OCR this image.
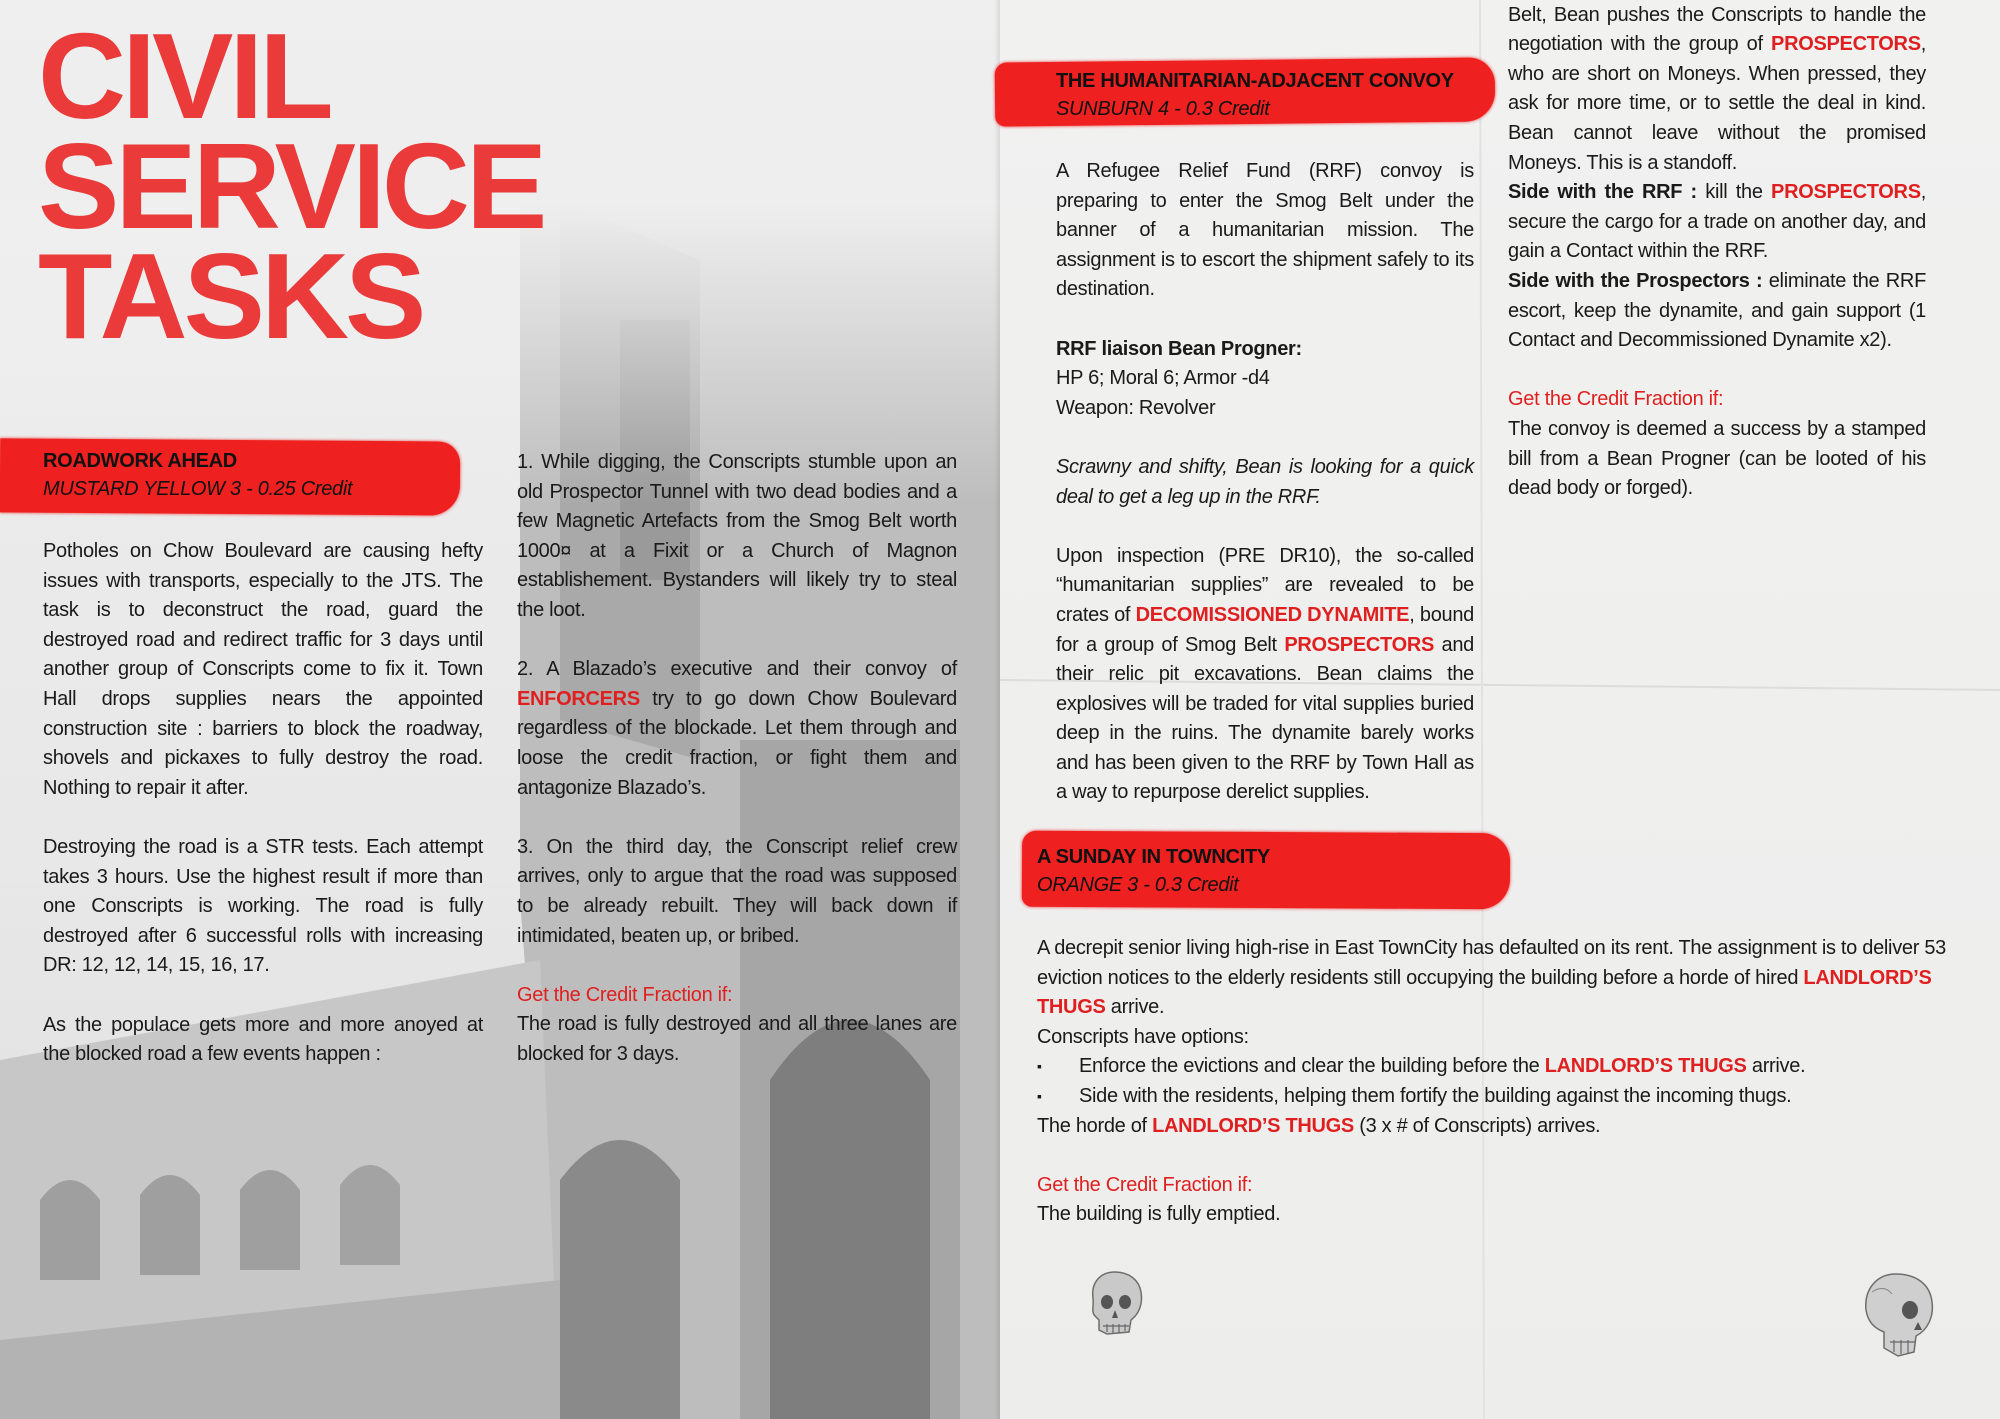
CIVIL
SERVICE
TASKS
ROADWORK AHEAD
MUSTARD YELLOW 3 - 0.25 Credit

Potholes on Chow Boulevard are causing hefty issues with transports, especially to the JTS. The task is to deconstruct the road, guard the destroyed road and redirect traffic for 3 days until another group of Conscripts come to fix it. Town Hall drops supplies nears the appointed construction site : barriers to block the roadway, shovels and pickaxes to fully destroy the road. Nothing to repair it after.

Destroying the road is a STR tests. Each attempt takes 3 hours. Use the highest result if more than one Conscripts is working. The road is fully destroyed after 6 successful rolls with increasing DR: 12, 12, 14, 15, 16, 17.

As the populace gets more and more anoyed at the blocked road a few events happen :

1. While digging, the Conscripts stumble upon an old Prospector Tunnel with two dead bodies and a few Magnetic Artefacts from the Smog Belt worth 1000¤ at a Fixit or a Church of Magnon establishement. Bystanders will likely try to steal the loot.

2. A Blazado’s executive and their convoy of ENFORCERS try to go down Chow Boulevard regardless of the blockade. Let them through and loose the credit fraction, or fight them and antagonize Blazado’s.

3. On the third day, the Conscript relief crew arrives, only to argue that the road was supposed to be already rebuilt. They will back down if intimidated, beaten up, or bribed.

Get the Credit Fraction if:

The road is fully destroyed and all three lanes are blocked for 3 days.

THE HUMANITARIAN-ADJACENT CONVOY
SUNBURN 4 - 0.3 Credit

A Refugee Relief Fund (RRF) convoy is preparing to enter the Smog Belt under the banner of a humanitarian mission. The assignment is to escort the shipment safely to its destination.

RRF liaison Bean Progner:

HP 6; Moral 6; Armor -d4

Weapon: Revolver

Scrawny and shifty, Bean is looking for a quick deal to get a leg up in the RRF.

Upon inspection (PRE DR10), the so-called “humanitarian supplies” are revealed to be crates of DECOMISSIONED DYNAMITE, bound for a group of Smog Belt PROSPECTORS and their relic pit excavations. Bean claims the explosives will be traded for vital supplies buried deep in the ruins. The dynamite barely works and has been given to the RRF by Town Hall as a way to repurpose derelict supplies.

Belt, Bean pushes the Conscripts to handle the negotiation with the group of PROSPECTORS, who are short on Moneys. When pressed, they ask for more time, or to settle the deal in kind. Bean cannot leave without the promised Moneys. This is a standoff.

Side with the RRF : kill the PROSPECTORS, secure the cargo for a trade on another day, and gain a Contact within the RRF.

Side with the Prospectors : eliminate the RRF escort, keep the dynamite, and gain support (1 Contact and Decommissioned Dynamite x2).

Get the Credit Fraction if:

The convoy is deemed a success by a stamped bill from a Bean Progner (can be looted of his dead body or forged).

A SUNDAY IN TOWNCITY
ORANGE 3 - 0.3 Credit

A decrepit senior living high-rise in East TownCity has defaulted on its rent. The assignment is to deliver 53 eviction notices to the elderly residents still occupying the building before a horde of hired LANDLORD’S THUGS arrive.

Conscripts have options:

▪ Enforce the evictions and clear the building before the LANDLORD’S THUGS arrive.

▪ Side with the residents, helping them fortify the building against the incoming thugs.

The horde of LANDLORD’S THUGS (3 x # of Conscripts) arrives.

Get the Credit Fraction if:

The building is fully emptied.
